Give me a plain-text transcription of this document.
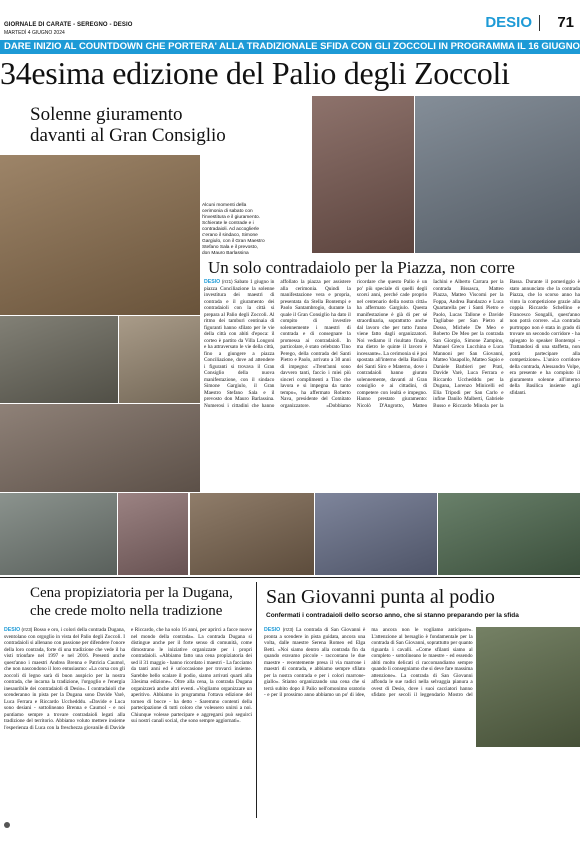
GIORNALE DI CARATE - SEREGNO - DESIO
MARTEDÌ 4 GIUGNO 2024
DESIO 71
DARE INIZIO AL COUNTDOWN CHE PORTERA' ALLA TRADIZIONALE SFIDA CON GLI ZOCCOLI IN PROGRAMMA IL 16 GIUGNO
34esima edizione del Palio degli Zoccoli
Solenne giuramento
davanti al Gran Consiglio
Alcuni momenti della cerimonia di sabato con l'investitura e il giuramento. Schierate le contrade e i contradaioli. Ad accoglierle c'erano il sindaco, Simone Gargiulo, con il Gran Maestro Stefano Sala e il prevosto, don Mauro Barlassina
Un solo contradaiolo per la Piazza, non corre

DESIO (rrz1) Sabato 1 giugno in piazza Conciliazione la solenne investitura dei maestri di contrada e il giuramento dei contradaioli con la città si prepara al Palio degli Zoccoli. Al ritmo dei tamburi centinaia di figuranti hanno sfilato per le vie della città con abiti d'epoca: il corteo è partito da Villa Longoni e ha attraversato le vie della città, fino a giungere a piazza Conciliazione, dove ad attendere i figuranti si trovava il Gran Consiglio della nuova manifestazione, con il sindaco Simone Gargiulo, il Gran Maestro Stefano Sala e il prevosto don Mauro Barlassina. Numerosi i cittadini che hanno affollato la piazza per assistere alla cerimonia. Quindi la manifestazione vera e propria, presentata da Stella Bontempi e Paolo Santambrogio, durante la quale il Gran Consiglio ha dato il compito di investire solennemente i maestri di contrada e di consegnare la promessa ai contradaioli. In particolare, è stato celebrato Tino Perego, della contrada del Santi Pietro e Paolo, arrivato a 30 anni di impegno: «Trent'anni sono davvero tanti, faccio i miei più sinceri complimenti a Tino che lavora e si impegna da tanto tempo», ha affermato Roberto Nava, presidente del Comitato organizzatore. «Dobbiamo ricordare che questo Palio è un po' più speciale di quelli degli scorsi anni, perché cade proprio nel centenario della nostra città» ha affermato Gargiulo. Questa manifestazione è già di per sé straordinaria, soprattutto anche dal lavoro che per tutto l'anno viene fatto dagli organizzatori. Noi vediamo il risultato finale, ma dietro le quinte il lavoro è incessante». La cerimonia si è poi spostata all'interno della Basilica dei Santi Siro e Materno, dove i contradaioli hanno giurato solennemente, davanti al Gran consiglio e ai cittadini, di competere con lealtà e impegno. Hanno prestato giuramento: Nicolò D'Angrotto, Matteo Iachini e Alberto Carrara per la contrada Bissasca, Matteo Piazza, Matteo Viscomi per la Foppa, Andrea Bandazzo e Luca Quartarella per i Santi Pietro e Paolo, Lucas Tallone e Davide Tagliabue per San Pietro al Dosso, Michele De Meo e Roberto De Meo per la contrada San Giorgio, Simone Zampino, Manuel Greco Lucchina e Luca Mannoni per San Giovanni, Matteo Vasapollo, Matteo Sapio e Daniele Barbieri per Prati, Davide Varè, Luca Ferrara e Riccardo Ucchedddu per la Dugana, Lorenzo Minicelli ed Elia Tripodi per San Carlo e infine Danilo Malberti, Gabriele Busso e Riccardo Minola per la Bassa. Durante il pomeriggio è stato annunciato che la contrada Piazza, che lo scorso anno ha vinto la competizione grazie alla coppia Riccardo Schellino e Francesco Songalli, quest'anno non potrà correre. «La contrada purtroppo non è stata in grado di trovare un secondo corridore - ha spiegato lo speaker Bontempi - Trattandosi di una staffetta, non potrà partecipare alla competizione». L'unico corridore della contrada, Alessandro Volpe, era presente e ha compiuto il giuramento solenne all'interno della Basilica insieme agli sfidanti.

Cena propiziatoria per la Dugana,
che crede molto nella tradizione

DESIO (rrz3) Bosso e oro, i colori della contrada Dugana, sventolano con orgoglio in vista del Palio degli Zoccoli. I contradaioli si allenano con passione per difendere l'onore della loro contrada, forte di una tradizione che vede il ha visti trionfare nel 1997 e nel 2016. Presenti anche quest'anno i maestri Andrea Brenna e Patricia Caumol, che non nascondono il loro entusiasmo: «La corsa con gli zoccoli di legno sarà di buon auspicio per la nostra contrada, che incarna la tradizione, l'orgoglio e l'energia inesauribile dei contradaioli di Desio». I contradaioli che scenderanno in pista per la Dugana sono Davide Varè, Luca Ferrara e Riccardo Ucchedddu. «Davide e Luca sono desiani - sottolineano Brenna e Caumol - e noi puntiamo sempre a trovare contradaioli legati alla tradizione del territorio. Abbiamo voluto mettere insieme l'esperienza di Luca con la freschezza giovanile di Davide e Riccardo, che ha solo 16 anni, per aprirci a facce nuove nel mondo della contrada». La contrada Dugana si distingue anche per il forte senso di comunità, come dimostrano le iniziative organizzate per i propri contradaioli. «Abbiamo fatto una cena propiziatoria dei sed il 31 maggio - hanno ricordato i maestri - La facciamo da tanti anni ed è un'occasione per trovarci insieme. Sarebbe bello scalare il podio, siamo arrivati quarti alla 33esima edizione». Oltre alla cena, la contrada Dugana organizzerà anche altri eventi. «Vogliamo organizzare un aperitivo. Abbiamo in programma l'ottava edizione del torneo di bocce - ha detto - Saremmo contenti della partecipazione di tutti coloro che volessero unirsi a noi. Chiunque volesse partecipare e aggregarsi può seguirci sui nostri canali social, che sono sempre aggiornati».

San Giovanni punta al podio
Confermati i contradaioli dello scorso anno, che si stanno preparando per la sfida

DESIO (rrz3) La contrada di San Giovanni è pronta a scendere in pista guidata, ancora una volta, dalle maestre Serena Romeo ed Elga Betti. «Noi siamo dentro alla contrada fin da quando eravamo piccole - raccontano le due maestre - recentemente presa il via marrone i maestri di contrada, e abbiamo sempre sfilato per la nostra contrada e per i colori marrone-giallo». Stiamo organizzando una cena che si terrà subito dopo il Palio nell'omonimo oratorio - e per il prossimo anno abbiamo un po' di idee, ma ancora non le vogliamo anticipare». L'attenzione al bersaglio è fondamentale per la contrada di San Giovanni, soprattutto per quanto riguarda i cavalli. «Come sfilanti siamo al completo - sottolineano le maestre - ed essendo abiti molto delicati ci raccomandiamo sempre quando li consegniamo che si deve fare massima attenzione». La contrada di San Giovanni affonda le sue radici nella selvaggia pianura a ovest di Desio, dove i suoi cacciatori hanno sfidato per secoli il leggendario Mostro del
